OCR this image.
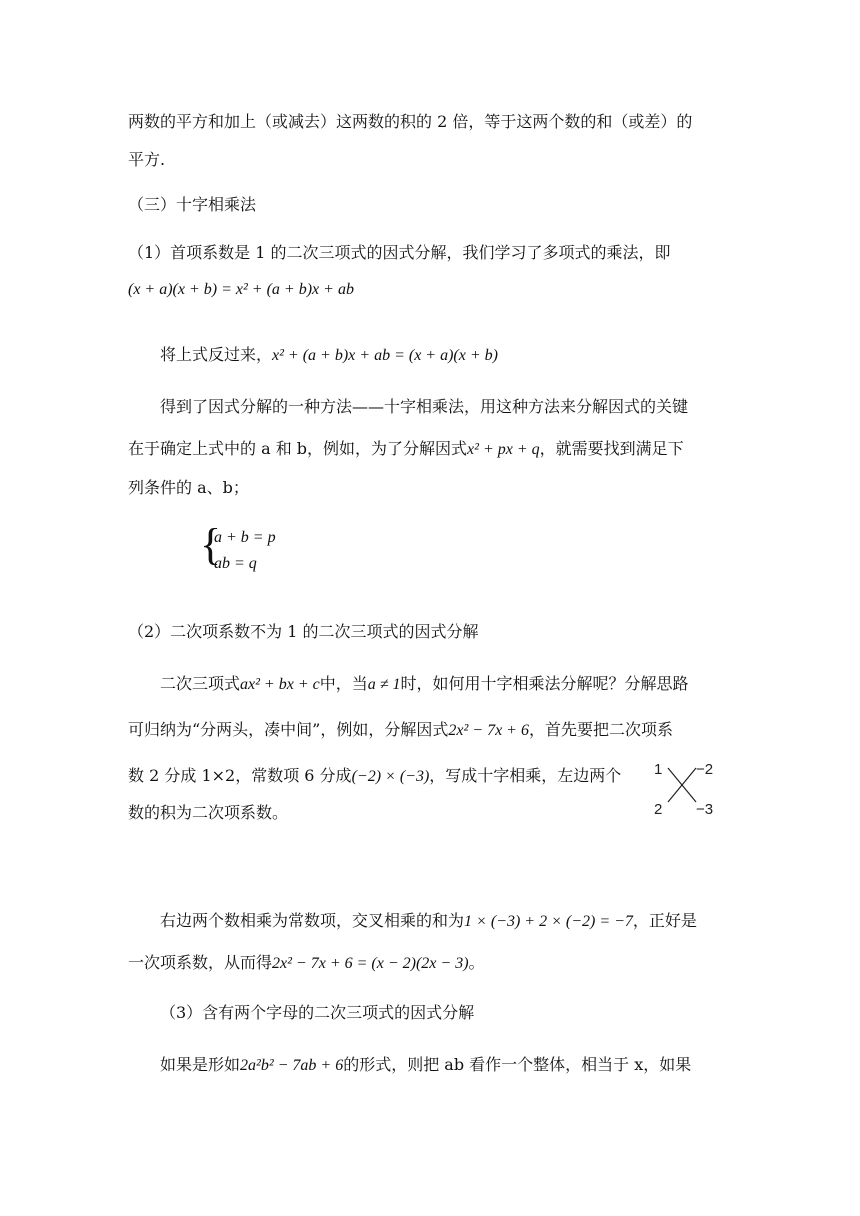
两数的平方和加上（或减去）这两数的积的 2 倍，等于这两个数的和（或差）的
平方.
（三）十字相乘法
（1）首项系数是 1 的二次三项式的因式分解，我们学习了多项式的乘法，即
(x + a)(x + b) = x² + (a + b)x + ab
将上式反过来，x² + (a + b)x + ab = (x + a)(x + b)
得到了因式分解的一种方法——十字相乘法，用这种方法来分解因式的关键
在于确定上式中的 a 和 b，例如，为了分解因式x² + px + q，就需要找到满足下
列条件的 a、b；
{
a + b = p
ab = q
（2）二次项系数不为 1 的二次三项式的因式分解
二次三项式ax² + bx + c中，当a ≠ 1时，如何用十字相乘法分解呢？分解思路
可归纳为“分两头，凑中间”，例如，分解因式2x² − 7x + 6，首先要把二次项系
数 2 分成 1×2，常数项 6 分成(−2) × (−3)，写成十字相乘，左边两个
数的积为二次项系数。
1 −2
2 −3
右边两个数相乘为常数项，交叉相乘的和为1 × (−3) + 2 × (−2) = −7，正好是
一次项系数，从而得2x² − 7x + 6 = (x − 2)(2x − 3)。
（3）含有两个字母的二次三项式的因式分解
如果是形如2a²b² − 7ab + 6的形式，则把 ab 看作一个整体，相当于 x，如果
